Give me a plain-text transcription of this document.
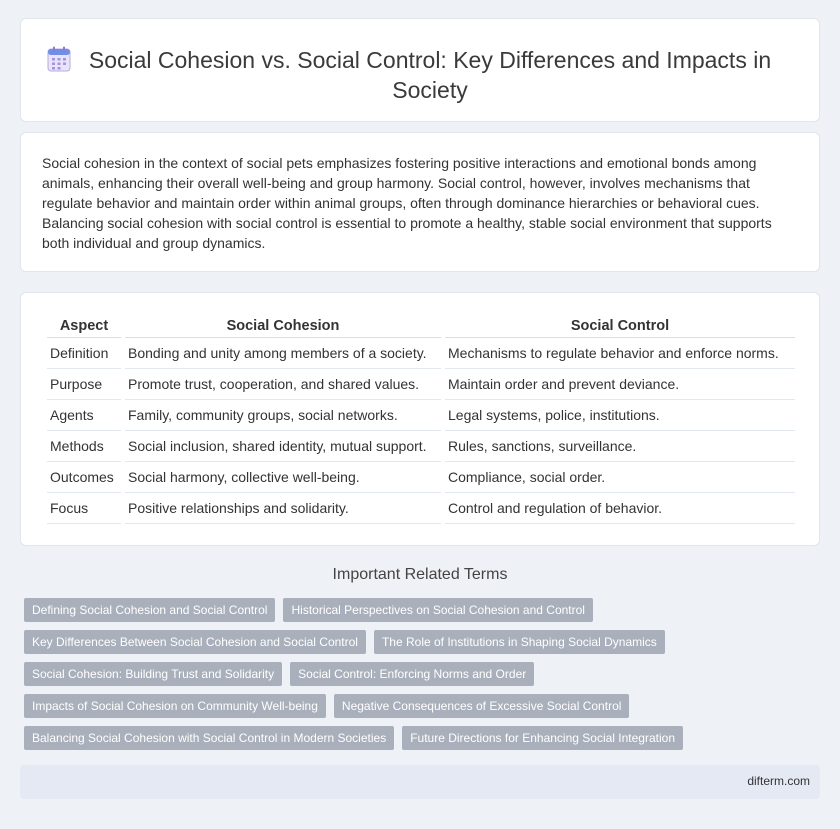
Social Cohesion vs. Social Control: Key Differences and Impacts in Society

Social cohesion in the context of social pets emphasizes fostering positive interactions and emotional bonds among animals, enhancing their overall well-being and group harmony. Social control, however, involves mechanisms that regulate behavior and maintain order within animal groups, often through dominance hierarchies or behavioral cues. Balancing social cohesion with social control is essential to promote a healthy, stable social environment that supports both individual and group dynamics.

Aspect	Social Cohesion	Social Control
Definition	Bonding and unity among members of a society.	Mechanisms to regulate behavior and enforce norms.
Purpose	Promote trust, cooperation, and shared values.	Maintain order and prevent deviance.
Agents	Family, community groups, social networks.	Legal systems, police, institutions.
Methods	Social inclusion, shared identity, mutual support.	Rules, sanctions, surveillance.
Outcomes	Social harmony, collective well-being.	Compliance, social order.
Focus	Positive relationships and solidarity.	Control and regulation of behavior.
Important Related Terms
Defining Social Cohesion and Social Control	Historical Perspectives on Social Cohesion and Control
Key Differences Between Social Cohesion and Social Control	The Role of Institutions in Shaping Social Dynamics
Social Cohesion: Building Trust and Solidarity	Social Control: Enforcing Norms and Order
Impacts of Social Cohesion on Community Well-being	Negative Consequences of Excessive Social Control
Balancing Social Cohesion with Social Control in Modern Societies	Future Directions for Enhancing Social Integration
difterm.com
